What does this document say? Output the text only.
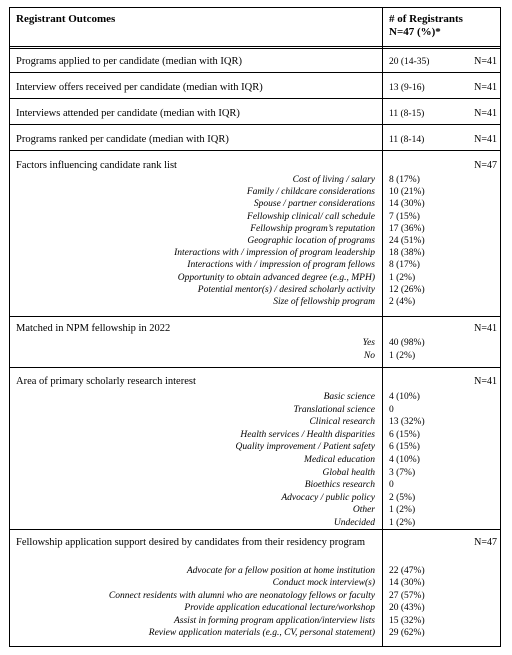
Registrant Outcomes	# of Registrants
N=47 (%)*
Programs applied to per candidate (median with IQR)	20 (14-35)	N=41
Interview offers received per candidate (median with IQR)	13 (9-16)	N=41
Interviews attended per candidate (median with IQR)	11 (8-15)	N=41
Programs ranked per candidate (median with IQR)	11 (8-14)	N=41
Factors influencing candidate rank list	N=47
Cost of living / salary 8 (17%)
Family / childcare considerations 10 (21%)
Spouse / partner considerations 14 (30%)
Fellowship clinical/ call schedule 7 (15%)
Fellowship program’s reputation 17 (36%)
Geographic location of programs 24 (51%)
Interactions with / impression of program leadership 18 (38%)
Interactions with / impression of program fellows 8 (17%)
Opportunity to obtain advanced degree (e.g., MPH) 1 (2%)
Potential mentor(s) / desired scholarly activity 12 (26%)
Size of fellowship program 2 (4%)
Matched in NPM fellowship in 2022	N=41
Yes 40 (98%)
No 1 (2%)
Area of primary scholarly research interest	N=41
Basic science 4 (10%)
Translational science 0
Clinical research 13 (32%)
Health services / Health disparities 6 (15%)
Quality improvement / Patient safety 6 (15%)
Medical education 4 (10%)
Global health 3 (7%)
Bioethics research 0
Advocacy / public policy 2 (5%)
Other 1 (2%)
Undecided 1 (2%)
Fellowship application support desired by candidates from their residency program	N=47
Advocate for a fellow position at home institution 22 (47%)
Conduct mock interview(s) 14 (30%)
Connect residents with alumni who are neonatology fellows or faculty 27 (57%)
Provide application educational lecture/workshop 20 (43%)
Assist in forming program application/interview lists 15 (32%)
Review application materials (e.g., CV, personal statement) 29 (62%)
